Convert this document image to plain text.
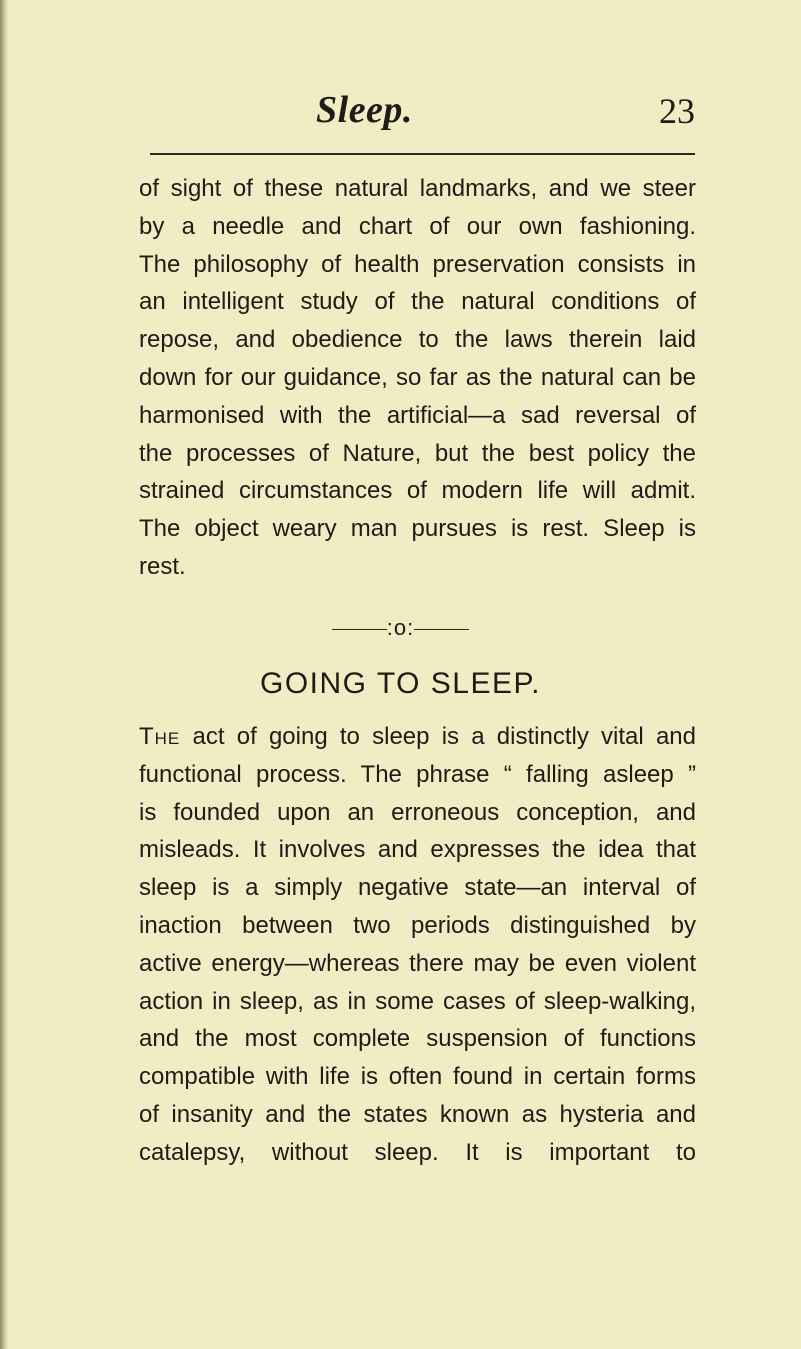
Sleep.	23
of sight of these natural landmarks, and we steer
by a needle and chart of our own fashioning.
The philosophy of health preservation consists in
an intelligent study of the natural conditions of
repose, and obedience to the laws therein laid
down for our guidance, so far as the natural can be
harmonised with the artificial—a sad reversal of
the processes of Nature, but the best policy the
strained circumstances of modern life will admit.
The object weary man pursues is rest. Sleep is
rest.
:o:
GOING TO SLEEP.
The act of going to sleep is a distinctly vital and
functional process. The phrase “ falling asleep ”
is founded upon an erroneous conception, and
misleads. It involves and expresses the idea that
sleep is a simply negative state—an interval of
inaction between two periods distinguished by
active energy—whereas there may be even violent
action in sleep, as in some cases of sleep-walking,
and the most complete suspension of functions
compatible with life is often found in certain forms
of insanity and the states known as hysteria and
catalepsy, without sleep. It is important to
